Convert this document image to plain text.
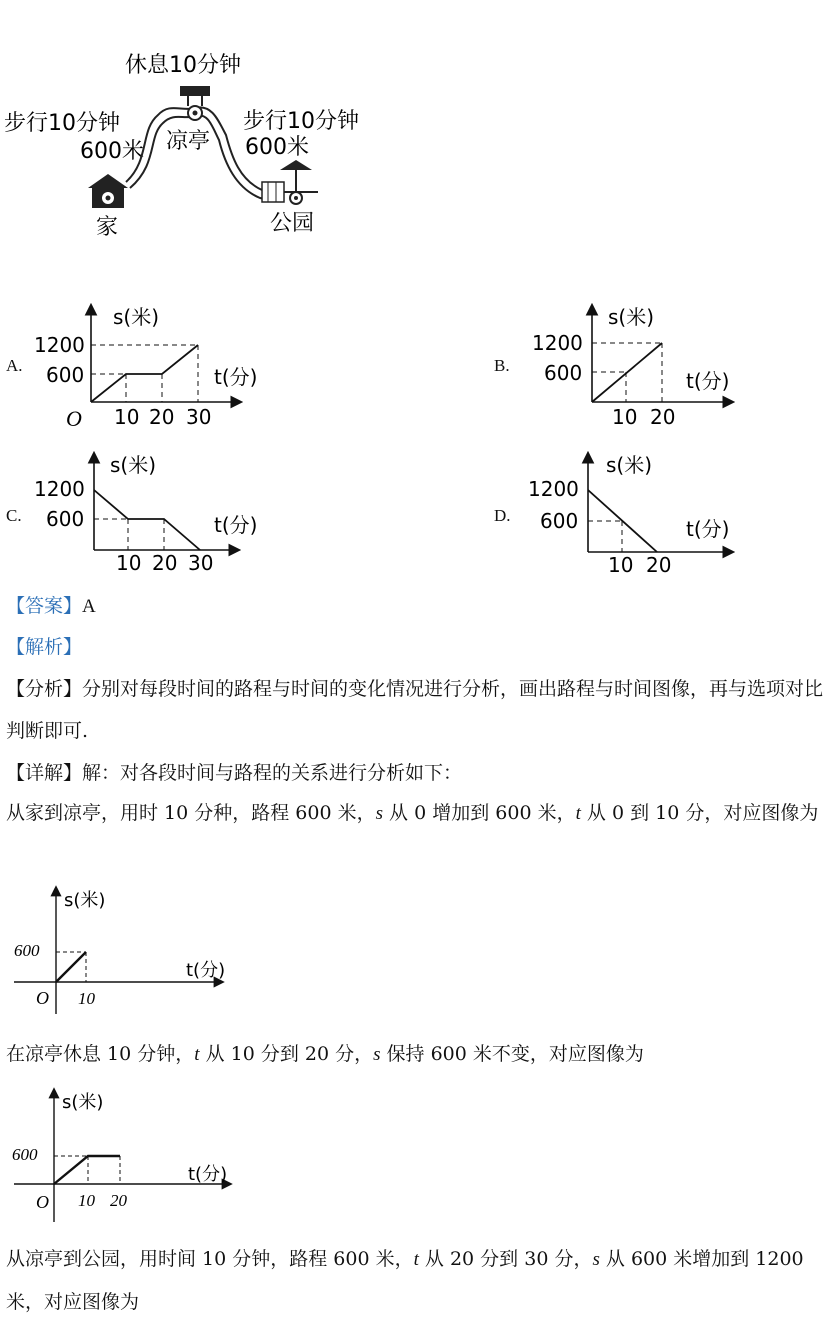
休息10分钟
步行10分钟
600米
步行10分钟
600米
凉亭
家	公园
A.
s(米)
t(分)
1200
600
10 20 30
O
B.
s(米)
t(分)
1200
600
10 20
C.
s(米)
t(分)
1200
600
10 20 30
D.
s(米)
t(分)
1200
600
10 20
【答案】A
【解析】
【分析】分别对每段时间的路程与时间的变化情况进行分析，画出路程与时间图像，再与选项对比判断即可.
【详解】解：对各段时间与路程的关系进行分析如下：
从家到凉亭，用时 10 分种，路程 600 米，s 从 0 增加到 600 米，t 从 0 到 10 分，对应图像为
s(米)
t(分)
600
10
O
在凉亭休息 10 分钟，t 从 10 分到 20 分，s 保持 600 米不变，对应图像为
s(米)
t(分)
600
10 20
O
从凉亭到公园，用时间 10 分钟，路程 600 米，t 从 20 分到 30 分，s 从 600 米增加到 1200 米，对应图像为
